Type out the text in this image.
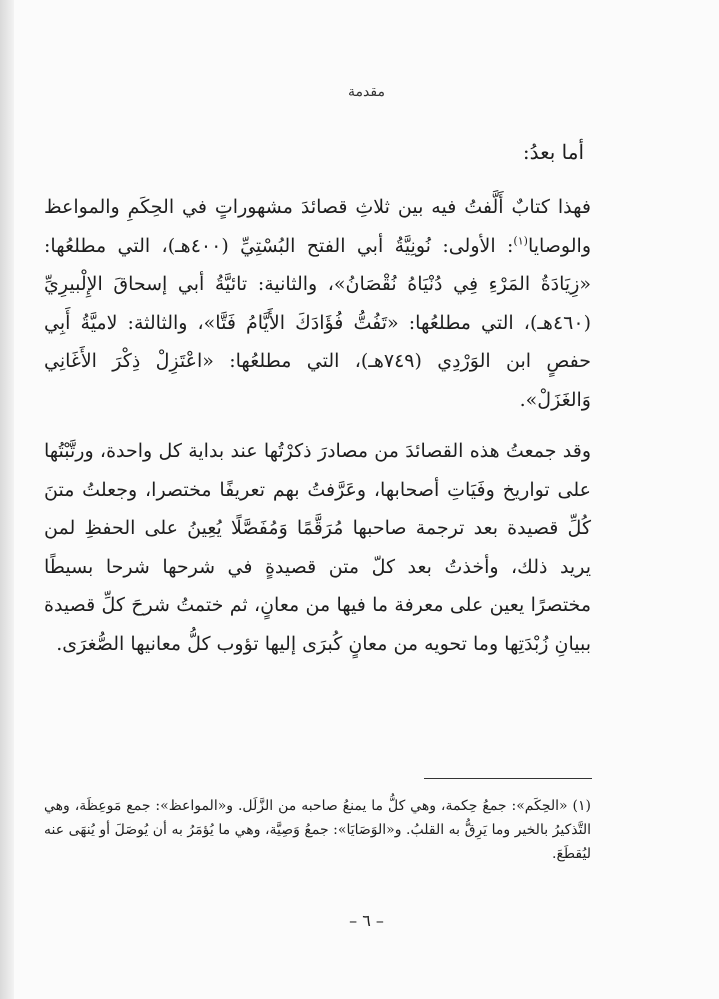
مقدمة

أما بعدُ:

فهذا كتابٌ أَلَّفتُ فيه بين ثلاثِ قصائدَ مشهوراتٍ في الحِكَمِ والمواعظ والوصايا$^{(١)}$: الأولى: نُونِيَّةُ أبي الفتح البُسْتِيِّ (٤٠٠هـ)، التي مطلعُها: «زِيَادَةُ المَرْءِ فِي دُنْيَاهُ نُقْصَانُ»، والثانية: تائيَّةُ أبي إسحاقَ الإِلْبيرِيِّ (٤٦٠هـ)، التي مطلعُها: «تَفُتُّ فُؤَادَكَ الأَيَّامُ فَتَّا»، والثالثة: لاميَّةُ أَبِي حفصٍ ابن الوَرْدِي (٧٤٩هـ)، التي مطلعُها: «اعْتَزِلْ ذِكْرَ الأَغَانِي وَالغَزَلْ».

وقد جمعتُ هذه القصائدَ من مصادرَ ذكرْتُها عند بداية كل واحدة، ورتَّبْتُها على تواريخ وفَيَاتِ أصحابها، وعَرَّفتُ بهم تعريفًا مختصرا، وجعلتُ متنَ كُلِّ قصيدة بعد ترجمة صاحبها مُرَقَّمًا وَمُفَصَّلًا يُعِينُ على الحفظِ لمن يريد ذلك، وأخذتُ بعد كلّ متن قصيدةٍ في شرحها شرحا بسيطًا مختصرًا يعين على معرفة ما فيها من معانٍ، ثم ختمتُ شرحَ كلِّ قصيدة ببيانِ زُبْدَتِها وما تحويه من معانٍ كُبرَى إليها تؤوب كلُّ معانيها الصُّغرَى.

(١) «الحِكَم»: جمعُ حِكمة، وهي كلُّ ما يمنعُ صاحبه من الزَّلَل. و«المواعظ»: جمع مَوعِظَة، وهي التَّذكيرُ بالخير وما يَرِقُّ به القلبُ. و«الوَصَايَا»: جمعُ وَصِيَّة، وهي ما يُؤمَرُ به أن يُوصَلَ أو يُنهَى عنه ليُقطَعَ.

– ٦ –
